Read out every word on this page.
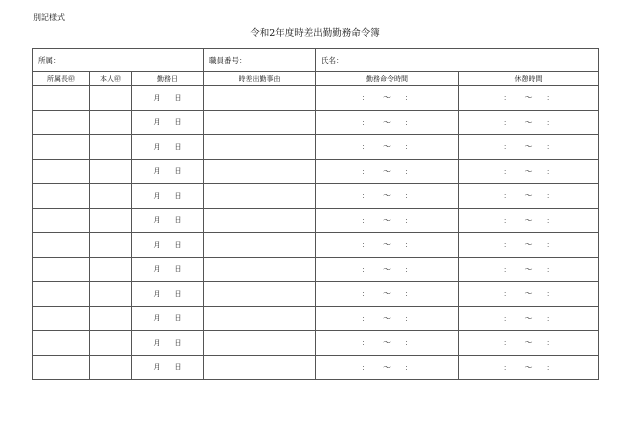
別記様式
令和2年度時差出勤勤務命令簿
所属：			職員番号：	氏名：	
所属長㊞	本人㊞	勤務日	時差出勤事由	勤務命令時間	休憩時間
		月 日		： ～ ：	： ～ ：
		月 日		： ～ ：	： ～ ：
		月 日		： ～ ：	： ～ ：
		月 日		： ～ ：	： ～ ：
		月 日		： ～ ：	： ～ ：
		月 日		： ～ ：	： ～ ：
		月 日		： ～ ：	： ～ ：
		月 日		： ～ ：	： ～ ：
		月 日		： ～ ：	： ～ ：
		月 日		： ～ ：	： ～ ：
		月 日		： ～ ：	： ～ ：
		月 日		： ～ ：	： ～ ：
